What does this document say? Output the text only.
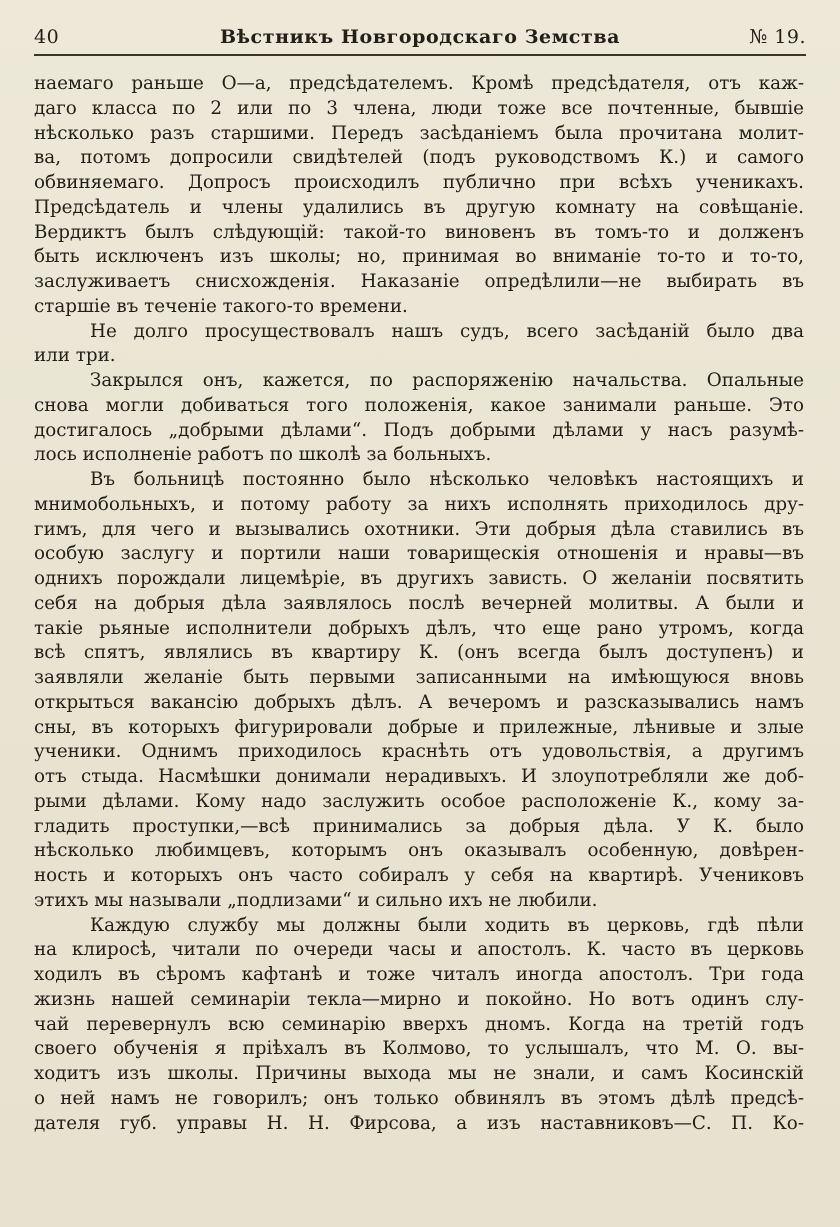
40	Вѣстникъ Новгородскаго Земства	№ 19.
наемаго раньше О—а, предсѣдателемъ. Кромѣ предсѣдателя, отъ каж-
даго класса по 2 или по 3 члена, люди тоже все почтенные, бывшіе
нѣсколько разъ старшими. Передъ засѣданіемъ была прочитана молит-
ва, потомъ допросили свидѣтелей (подъ руководствомъ К.) и самого
обвиняемаго. Допросъ происходилъ публично при всѣхъ ученикахъ.
Предсѣдатель и члены удалились въ другую комнату на совѣщаніе.
Вердиктъ былъ слѣдующій: такой-то виновенъ въ томъ-то и долженъ
быть исключенъ изъ школы; но, принимая во вниманіе то-то и то-то,
заслуживаетъ снисхожденія. Наказаніе опредѣлили—не выбирать въ
старшіе въ теченіе такого-то времени.
Не долго просуществовалъ нашъ судъ, всего засѣданій было два
или три.
Закрылся онъ, кажется, по распоряженію начальства. Опальные
снова могли добиваться того положенія, какое занимали раньше. Это
достигалось „добрыми дѣлами“. Подъ добрыми дѣлами у насъ разумѣ-
лось исполненіе работъ по школѣ за больныхъ.
Въ больницѣ постоянно было нѣсколько человѣкъ настоящихъ и
мнимобольныхъ, и потому работу за нихъ исполнять приходилось дру-
гимъ, для чего и вызывались охотники. Эти добрыя дѣла ставились въ
особую заслугу и портили наши товарищескія отношенія и нравы—въ
однихъ порождали лицемѣріе, въ другихъ зависть. О желаніи посвятить
себя на добрыя дѣла заявлялось послѣ вечерней молитвы. А были и
такіе рьяные исполнители добрыхъ дѣлъ, что еще рано утромъ, когда
всѣ спятъ, являлись въ квартиру К. (онъ всегда былъ доступенъ) и
заявляли желаніе быть первыми записанными на имѣющуюся вновь
открыться вакансію добрыхъ дѣлъ. А вечеромъ и разсказывались намъ
сны, въ которыхъ фигурировали добрые и прилежные, лѣнивые и злые
ученики. Однимъ приходилось краснѣть отъ удовольствія, а другимъ
отъ стыда. Насмѣшки донимали нерадивыхъ. И злоупотребляли же доб-
рыми дѣлами. Кому надо заслужить особое расположеніе К., кому за-
гладить проступки,—всѣ принимались за добрыя дѣла. У К. было
нѣсколько любимцевъ, которымъ онъ оказывалъ особенную, довѣрен-
ность и которыхъ онъ часто собиралъ у себя на квартирѣ. Учениковъ
этихъ мы называли „подлизами“ и сильно ихъ не любили.
Каждую службу мы должны были ходить въ церковь, гдѣ пѣли
на клиросѣ, читали по очереди часы и апостолъ. К. часто въ церковь
ходилъ въ сѣромъ кафтанѣ и тоже читалъ иногда апостолъ. Три года
жизнь нашей семинаріи текла—мирно и покойно. Но вотъ одинъ слу-
чай перевернулъ всю семинарію вверхъ дномъ. Когда на третій годъ
своего обученія я пріѣхалъ въ Колмово, то услышалъ, что М. О. вы-
ходитъ изъ школы. Причины выхода мы не знали, и самъ Косинскій
о ней намъ не говорилъ; онъ только обвинялъ въ этомъ дѣлѣ предсѣ-
дателя губ. управы Н. Н. Фирсова, а изъ наставниковъ—С. П. Ко-
